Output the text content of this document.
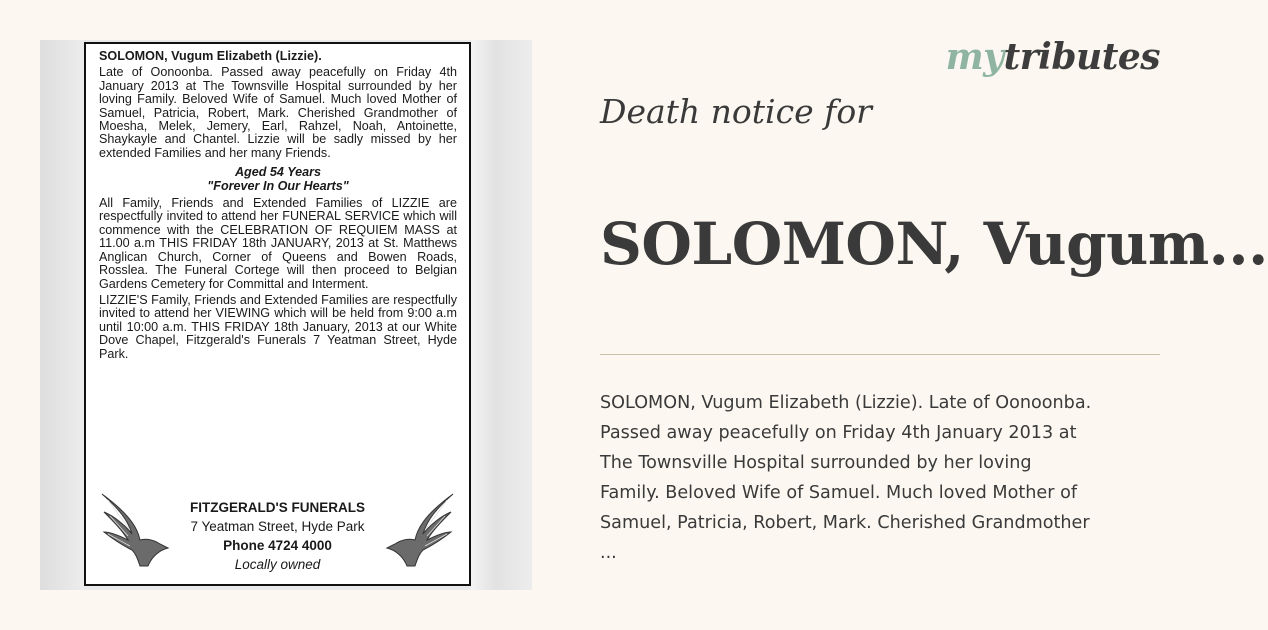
SOLOMON, Vugum Elizabeth (Lizzie).

Late of Oonoonba. Passed away peacefully on Friday 4th January 2013 at The Townsville Hospital surrounded by her loving Family. Beloved Wife of Samuel. Much loved Mother of Samuel, Patricia, Robert, Mark. Cherished Grandmother of Moesha, Melek, Jemery, Earl, Rahzel, Noah, Antoinette, Shaykayle and Chantel. Lizzie will be sadly missed by her extended Families and her many Friends.

Aged 54 Years

"Forever In Our Hearts"

All Family, Friends and Extended Families of LIZZIE are respectfully invited to attend her FUNERAL SERVICE which will commence with the CELEBRATION OF REQUIEM MASS at 11.00 a.m THIS FRIDAY 18th JANUARY, 2013 at St. Matthews Anglican Church, Corner of Queens and Bowen Roads, Rosslea. The Funeral Cortege will then proceed to Belgian Gardens Cemetery for Committal and Interment.

LIZZIE'S Family, Friends and Extended Families are respectfully invited to attend her VIEWING which will be held from 9:00 a.m until 10:00 a.m. THIS FRIDAY 18th January, 2013 at our White Dove Chapel, Fitzgerald's Funerals 7 Yeatman Street, Hyde Park.

FITZGERALD'S FUNERALS
7 Yeatman Street, Hyde Park
Phone 4724 4000
Locally owned
mytributes
Death notice for
SOLOMON, Vugum...
SOLOMON, Vugum Elizabeth (Lizzie). Late of Oonoonba.
Passed away peacefully on Friday 4th January 2013 at
The Townsville Hospital surrounded by her loving
Family. Beloved Wife of Samuel. Much loved Mother of
Samuel, Patricia, Robert, Mark. Cherished Grandmother
...
